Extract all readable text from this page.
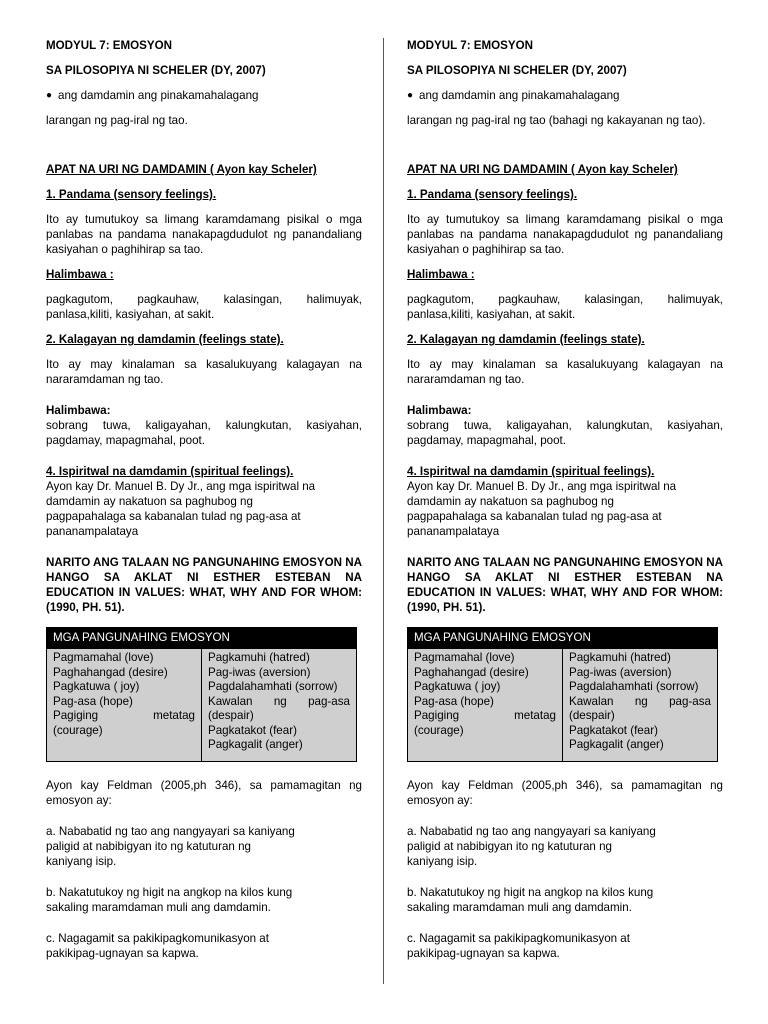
MODYUL 7: EMOSYON

SA PILOSOPIYA NI SCHELER (DY, 2007)

● ang damdamin ang pinakamahalagang

larangan ng pag-iral ng tao.

APAT NA URI NG DAMDAMIN ( Ayon kay Scheler)

1. Pandama (sensory feelings).

Ito ay tumutukoy sa limang karamdamang pisikal o mga panlabas na pandama nanakapagdudulot ng panandaliang kasiyahan o paghihirap sa tao.

Halimbawa :

pagkagutom, pagkauhaw, kalasingan, halimuyak, panlasa,kiliti, kasiyahan, at sakit.

2. Kalagayan ng damdamin (feelings state).

Ito ay may kinalaman sa kasalukuyang kalagayan na nararamdaman ng tao.

Halimbawa:

sobrang tuwa, kaligayahan, kalungkutan, kasiyahan, pagdamay, mapagmahal, poot.

4. Ispiritwal na damdamin (spiritual feelings).

Ayon kay Dr. Manuel B. Dy Jr., ang mga ispiritwal na
damdamin ay nakatuon sa paghubog ng
pagpapahalaga sa kabanalan tulad ng pag-asa at
pananampalataya

NARITO ANG TALAAN NG PANGUNAHING EMOSYON NA HANGO SA AKLAT NI ESTHER ESTEBAN NA EDUCATION IN VALUES: WHAT, WHY AND FOR WHOM: (1990, PH. 51).

MGA PANGUNAHING EMOSYON

Pagmamahal (love)
Paghahangad (desire)
Pagkatuwa ( joy)
Pag-asa (hope)
Pagiging metatag
(courage)

Pagkamuhi (hatred)
Pag-iwas (aversion)
Pagdalahamhati (sorrow)
Kawalan ng pag-asa
(despair)
Pagkatakot (fear)
Pagkagalit (anger)

Ayon kay Feldman (2005,ph 346), sa pamamagitan ng emosyon ay:

a. Nababatid ng tao ang nangyayari sa kaniyang
paligid at nabibigyan ito ng katuturan ng
kaniyang isip.
b. Nakatutukoy ng higit na angkop na kilos kung
sakaling maramdaman muli ang damdamin.
c. Nagagamit sa pakikipagkomunikasyon at
pakikipag-ugnayan sa kapwa.

MODYUL 7: EMOSYON

SA PILOSOPIYA NI SCHELER (DY, 2007)

● ang damdamin ang pinakamahalagang

larangan ng pag-iral ng tao (bahagi ng kakayanan ng tao).

APAT NA URI NG DAMDAMIN ( Ayon kay Scheler)

1. Pandama (sensory feelings).

Ito ay tumutukoy sa limang karamdamang pisikal o mga panlabas na pandama nanakapagdudulot ng panandaliang kasiyahan o paghihirap sa tao.

Halimbawa :

pagkagutom, pagkauhaw, kalasingan, halimuyak, panlasa,kiliti, kasiyahan, at sakit.

2. Kalagayan ng damdamin (feelings state).

Ito ay may kinalaman sa kasalukuyang kalagayan na nararamdaman ng tao.

Halimbawa:

sobrang tuwa, kaligayahan, kalungkutan, kasiyahan, pagdamay, mapagmahal, poot.

4. Ispiritwal na damdamin (spiritual feelings).

Ayon kay Dr. Manuel B. Dy Jr., ang mga ispiritwal na
damdamin ay nakatuon sa paghubog ng
pagpapahalaga sa kabanalan tulad ng pag-asa at
pananampalataya

NARITO ANG TALAAN NG PANGUNAHING EMOSYON NA HANGO SA AKLAT NI ESTHER ESTEBAN NA EDUCATION IN VALUES: WHAT, WHY AND FOR WHOM: (1990, PH. 51).

MGA PANGUNAHING EMOSYON

Pagmamahal (love)
Paghahangad (desire)
Pagkatuwa ( joy)
Pag-asa (hope)
Pagiging metatag
(courage)

Pagkamuhi (hatred)
Pag-iwas (aversion)
Pagdalahamhati (sorrow)
Kawalan ng pag-asa
(despair)
Pagkatakot (fear)
Pagkagalit (anger)

Ayon kay Feldman (2005,ph 346), sa pamamagitan ng emosyon ay:

a. Nababatid ng tao ang nangyayari sa kaniyang
paligid at nabibigyan ito ng katuturan ng
kaniyang isip.
b. Nakatutukoy ng higit na angkop na kilos kung
sakaling maramdaman muli ang damdamin.
c. Nagagamit sa pakikipagkomunikasyon at
pakikipag-ugnayan sa kapwa.
